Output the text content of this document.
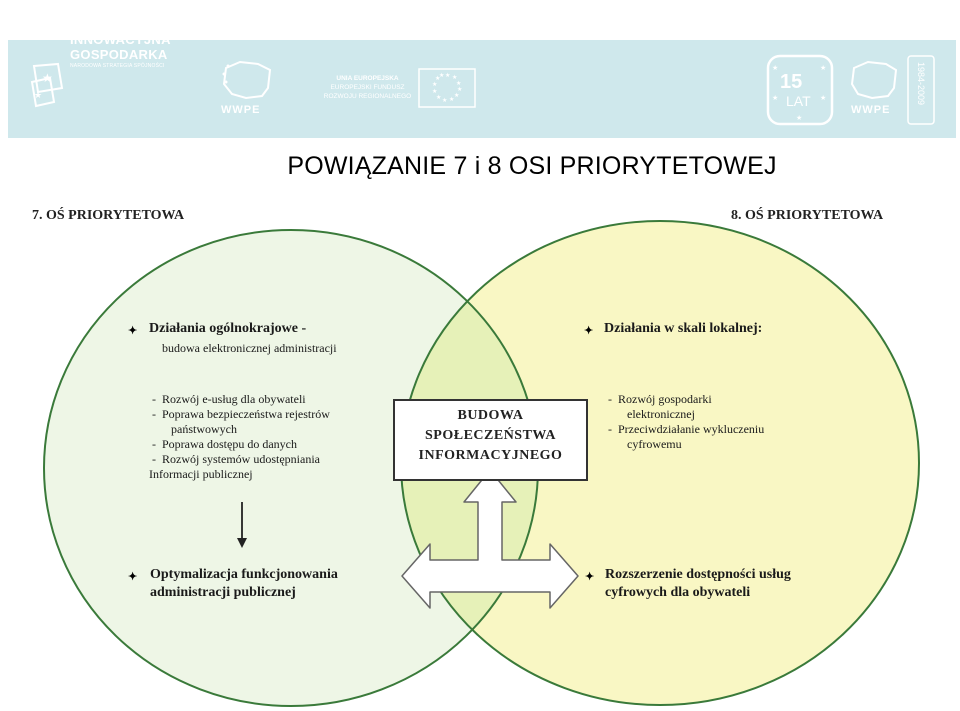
★
★
INNOWACYJNA
GOSPODARKA
NARODOWA STRATEGIA SPÓJNOŚCI
WWPE
UNIA EUROPEJSKA
EUROPEJSKI FUNDUSZ
ROZWOJU REGIONALNEGO
★ ★
★
★
★
★
★
★
★
★
★
★	15
LAT
★	★
★	★
★
WWPE
1984-2009
POWIĄZANIE 7 i 8 OSI PRIORYTETOWEJ
7. OŚ PRIORYTETOWA	8. OŚ PRIORYTETOWA
✦ Działania ogólnokrajowe -
budowa elektronicznej administracji
- Rozwój e-usług dla obywateli
- Poprawa bezpieczeństwa rejestrów
państwowych
- Poprawa dostępu do danych
- Rozwój systemów udostępniania
Informacji publicznej
✦ Optymalizacja funkcjonowania
administracji publicznej
✦ Działania w skali lokalnej:
- Rozwój gospodarki
elektronicznej
- Przeciwdziałanie wykluczeniu
cyfrowemu
✦ Rozszerzenie dostępności usług
cyfrowych dla obywateli
BUDOWA
SPOŁECZEŃSTWA
INFORMACYJNEGO
